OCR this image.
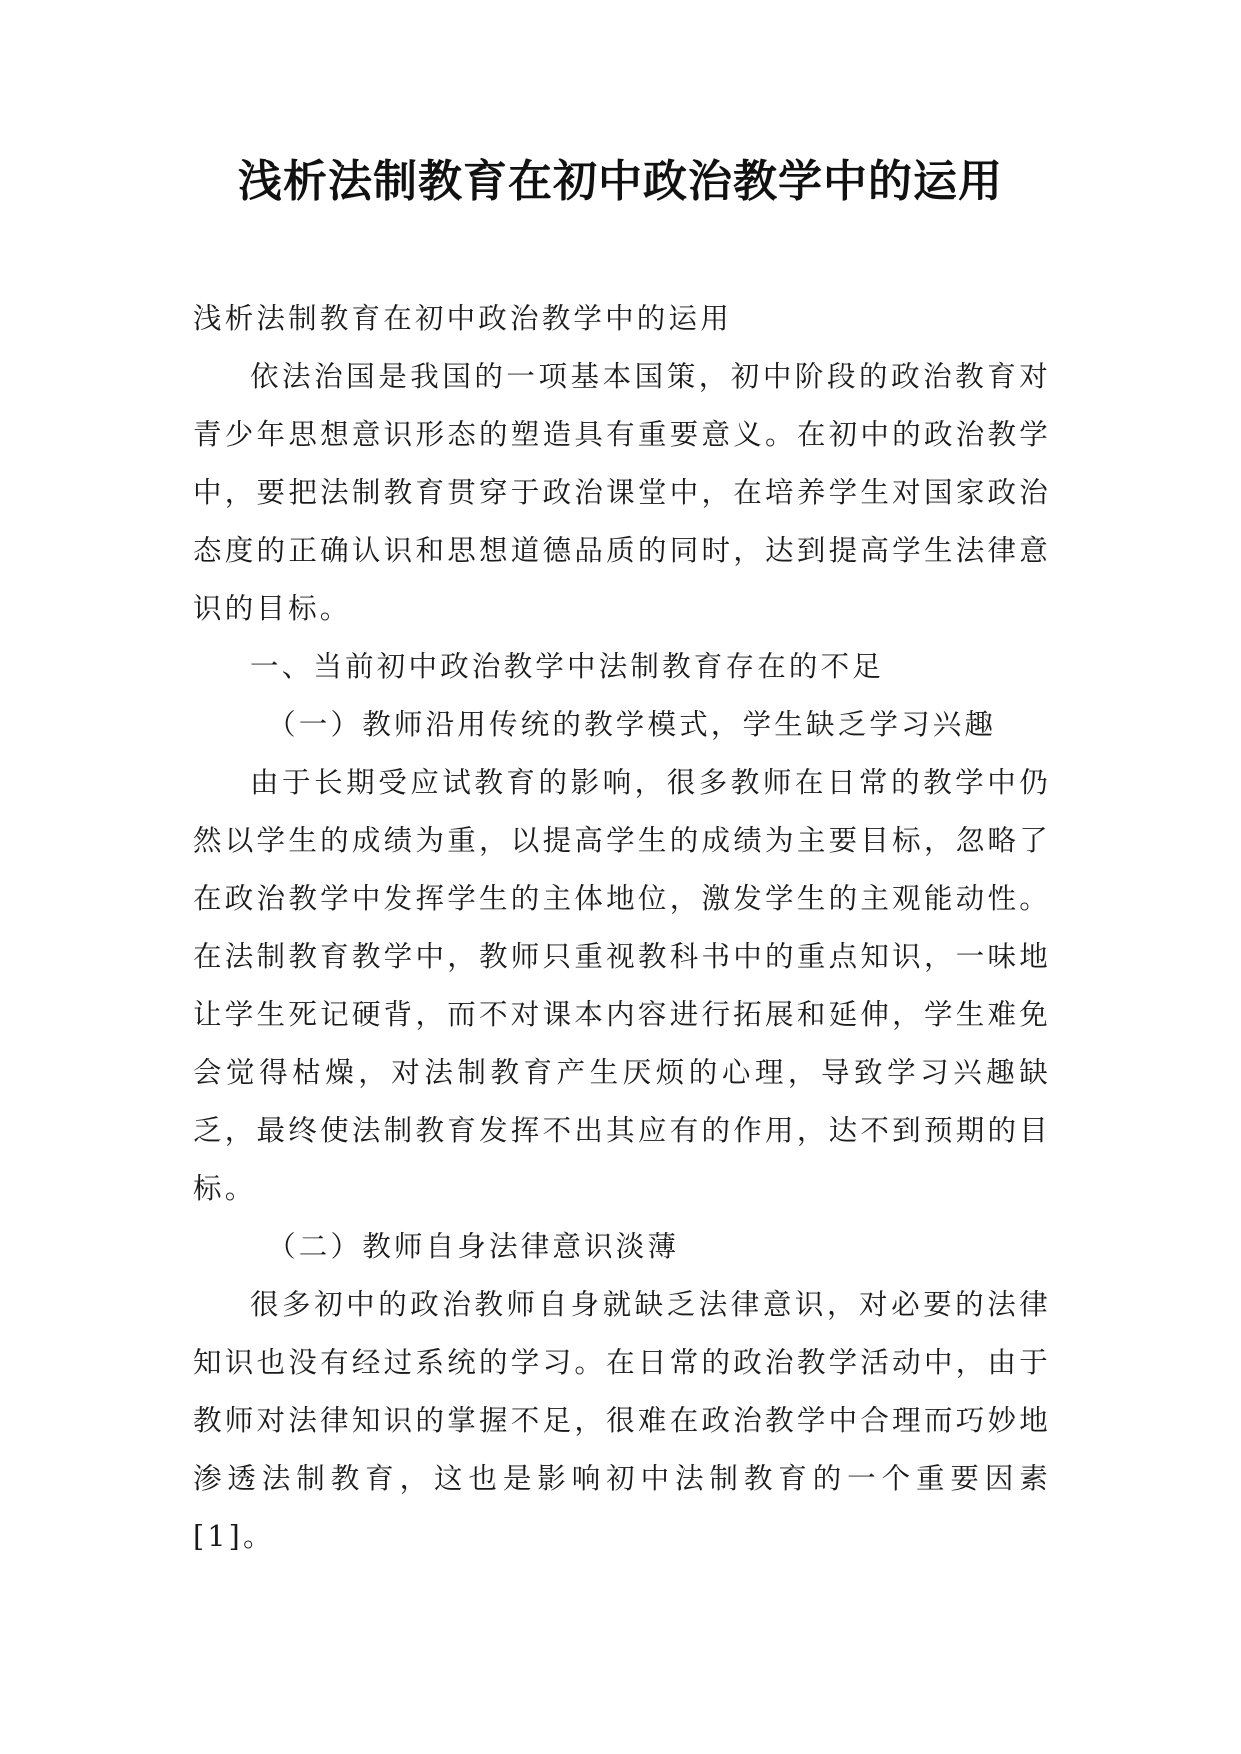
浅析法制教育在初中政治教学中的运用

浅析法制教育在初中政治教学中的运用

依法治国是我国的一项基本国策，初中阶段的政治教育对青少年思想意识形态的塑造具有重要意义。在初中的政治教学中，要把法制教育贯穿于政治课堂中，在培养学生对国家政治态度的正确认识和思想道德品质的同时，达到提高学生法律意识的目标。

一、当前初中政治教学中法制教育存在的不足

（一）教师沿用传统的教学模式，学生缺乏学习兴趣

由于长期受应试教育的影响，很多教师在日常的教学中仍然以学生的成绩为重，以提高学生的成绩为主要目标，忽略了在政治教学中发挥学生的主体地位，激发学生的主观能动性。在法制教育教学中，教师只重视教科书中的重点知识，一味地让学生死记硬背，而不对课本内容进行拓展和延伸，学生难免会觉得枯燥，对法制教育产生厌烦的心理，导致学习兴趣缺乏，最终使法制教育发挥不出其应有的作用，达不到预期的目标。

（二）教师自身法律意识淡薄

很多初中的政治教师自身就缺乏法律意识，对必要的法律知识也没有经过系统的学习。在日常的政治教学活动中，由于教师对法律知识的掌握不足，很难在政治教学中合理而巧妙地渗透法制教育，这也是影响初中法制教育的一个重要因素[1]。
